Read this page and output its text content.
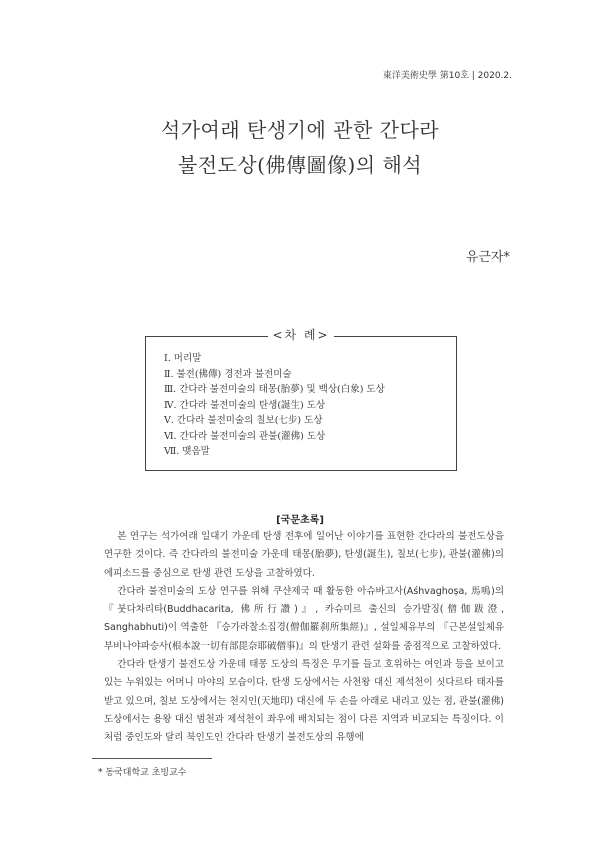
東洋美術史學 第10호 | 2020.2.
석가여래 탄생기에 관한 간다라
불전도상(佛傳圖像)의 해석
유근자*
Ⅰ. 머리말
Ⅱ. 불전(佛傳) 경전과 불전미술
Ⅲ. 간다라 불전미술의 태몽(胎夢) 및 백상(白象) 도상
Ⅳ. 간다라 불전미술의 탄생(誕生) 도상
Ⅴ. 간다라 불전미술의 칠보(七步) 도상
Ⅵ. 간다라 불전미술의 관불(灌佛) 도상
Ⅶ. 맺음말
<차 례>
[국문초록]

본 연구는 석가여래 일대기 가운데 탄생 전후에 일어난 이야기를 표현한 간다라의 불전도상을 연구한 것이다. 즉 간다라의 불전미술 가운데 태몽(胎夢), 탄생(誕生), 칠보(七步), 관불(灌佛)의 에피소드를 중심으로 탄생 관련 도상을 고찰하였다.

간다라 불전미술의 도상 연구를 위해 쿠샨제국 때 활동한 아슈바고사(Aśhvaghoṣa, 馬鳴)의 『붓다차리타(Buddhacarita, 佛所行讚)』, 카슈미르 출신의 승가발징(僧伽跋澄, Sanghabhuti)이 역출한 『승가라찰소집경(僧伽羅刹所集經)』, 설일체유부의 『근본설일체유부비나야파승사(根本說一切有部毘奈耶破僧事)』의 탄생기 관련 설화를 중점적으로 고찰하였다.

간다라 탄생기 불전도상 가운데 태몽 도상의 특징은 무기를 들고 호위하는 여인과 등을 보이고 있는 누워있는 어머니 마야의 모습이다. 탄생 도상에서는 사천왕 대신 제석천이 싯다르타 태자를 받고 있으며, 칠보 도상에서는 천지인(天地印) 대신에 두 손을 아래로 내리고 있는 점, 관불(灌佛) 도상에서는 용왕 대신 범천과 제석천이 좌우에 배치되는 점이 다른 지역과 비교되는 특징이다. 이처럼 중인도와 달리 북인도인 간다라 탄생기 불전도상의 유행에

* 동국대학교 초빙교수
